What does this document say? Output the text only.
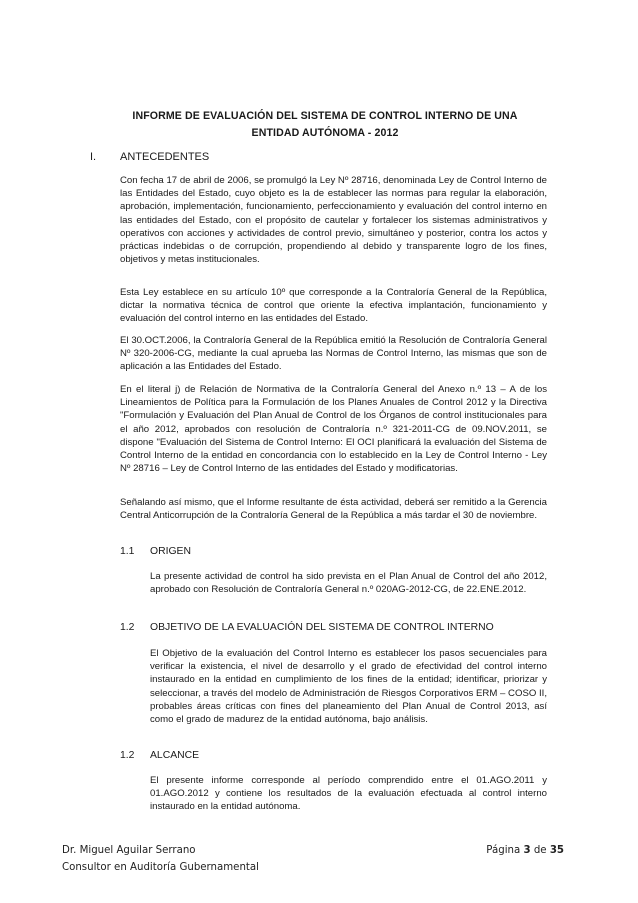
INFORME DE EVALUACIÓN DEL SISTEMA DE CONTROL INTERNO DE UNA
ENTIDAD AUTÓNOMA - 2012
I. ANTECEDENTES

Con fecha 17 de abril de 2006, se promulgó la Ley Nº 28716, denominada Ley de Control Interno de las Entidades del Estado, cuyo objeto es la de establecer las normas para regular la elaboración, aprobación, implementación, funcionamiento, perfeccionamiento y evaluación del control interno en las entidades del Estado, con el propósito de cautelar y fortalecer los sistemas administrativos y operativos con acciones y actividades de control previo, simultáneo y posterior, contra los actos y prácticas indebidas o de corrupción, propendiendo al debido y transparente logro de los fines, objetivos y metas institucionales.

Esta Ley establece en su artículo 10º que corresponde a la Contraloría General de la República, dictar la normativa técnica de control que oriente la efectiva implantación, funcionamiento y evaluación del control interno en las entidades del Estado.

El 30.OCT.2006, la Contraloría General de la República emitió la Resolución de Contraloría General Nº 320-2006-CG, mediante la cual aprueba las Normas de Control Interno, las mismas que son de aplicación a las Entidades del Estado.

En el literal j) de Relación de Normativa de la Contraloría General del Anexo n.º 13 – A de los Lineamientos de Política para la Formulación de los Planes Anuales de Control 2012 y la Directiva "Formulación y Evaluación del Plan Anual de Control de los Órganos de control institucionales para el año 2012, aprobados con resolución de Contraloría n.º 321-2011-CG de 09.NOV.2011, se dispone "Evaluación del Sistema de Control Interno: El OCI planificará la evaluación del Sistema de Control Interno de la entidad en concordancia con lo establecido en la Ley de Control Interno - Ley Nº 28716 – Ley de Control Interno de las entidades del Estado y modificatorias.

Señalando así mismo, que el Informe resultante de ésta actividad, deberá ser remitido a la Gerencia Central Anticorrupción de la Contraloría General de la República a más tardar el 30 de noviembre.

1.1 ORIGEN

La presente actividad de control ha sido prevista en el Plan Anual de Control del año 2012, aprobado con Resolución de Contraloría General n.º 020AG-2012-CG, de 22.ENE.2012.

1.2 OBJETIVO DE LA EVALUACIÓN DEL SISTEMA DE CONTROL INTERNO

El Objetivo de la evaluación del Control Interno es establecer los pasos secuenciales para verificar la existencia, el nivel de desarrollo y el grado de efectividad del control interno instaurado en la entidad en cumplimiento de los fines de la entidad; identificar, priorizar y seleccionar, a través del modelo de Administración de Riesgos Corporativos ERM – COSO II, probables áreas críticas con fines del planeamiento del Plan Anual de Control 2013, así como el grado de madurez de la entidad autónoma, bajo análisis.

1.2 ALCANCE

El presente informe corresponde al período comprendido entre el 01.AGO.2011 y 01.AGO.2012 y contiene los resultados de la evaluación efectuada al control interno instaurado en la entidad autónoma.

Dr. Miguel Aguilar Serrano
Consultor en Auditoría Gubernamental
Página 3 de 35
